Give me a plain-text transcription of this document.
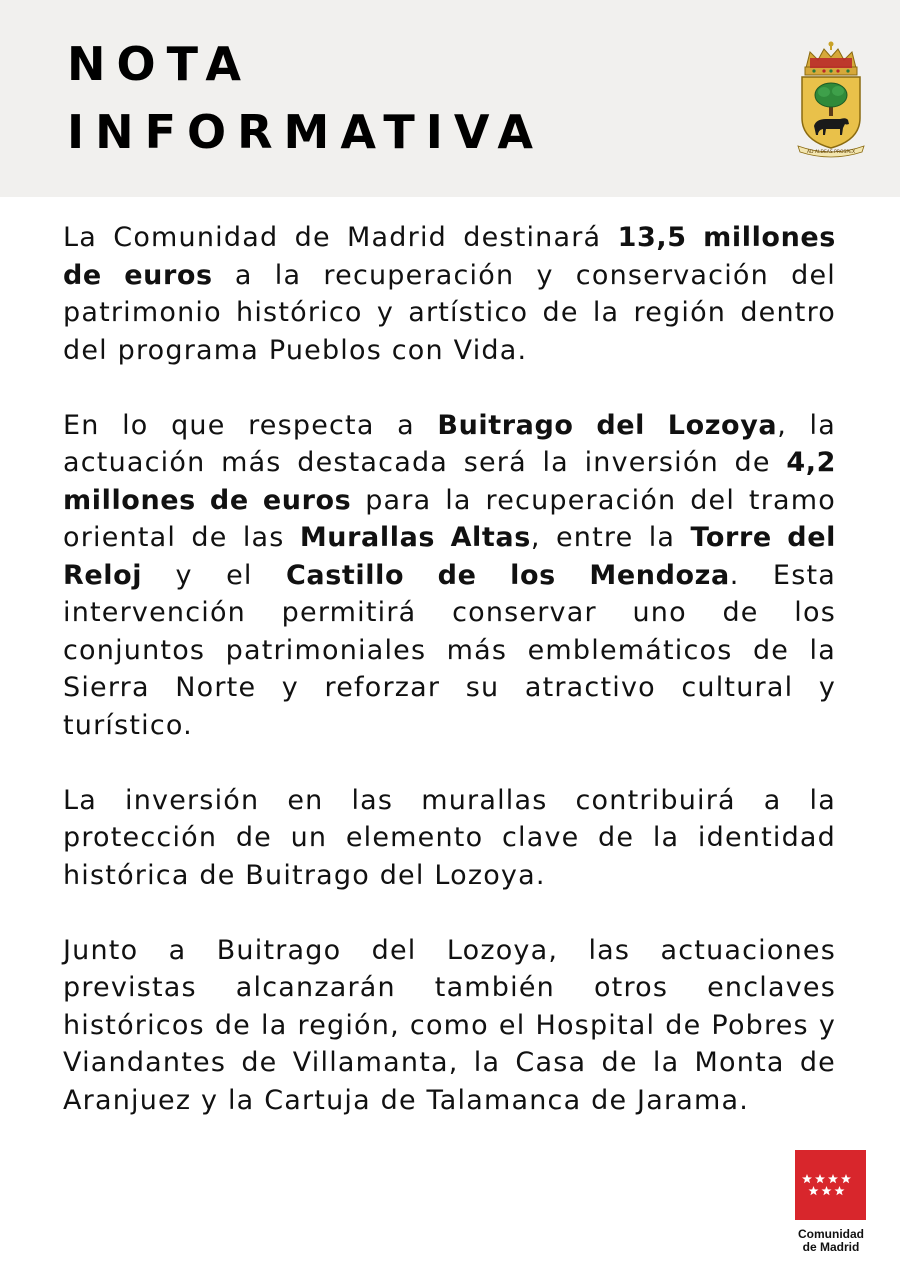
NOTA
INFORMATIVA	AD ALDEAS PROSPEX

La Comunidad de Madrid destinará 13,5 millones de euros a la recuperación y conservación del patrimonio histórico y artístico de la región dentro del programa Pueblos con Vida.

En lo que respecta a Buitrago del Lozoya, la actuación más destacada será la inversión de 4,2 millones de euros para la recuperación del tramo oriental de las Murallas Altas, entre la Torre del Reloj y el Castillo de los Mendoza. Esta intervención permitirá conservar uno de los conjuntos patrimoniales más emblemáticos de la Sierra Norte y reforzar su atractivo cultural y turístico.

La inversión en las murallas contribuirá a la protección de un elemento clave de la identidad histórica de Buitrago del Lozoya.

Junto a Buitrago del Lozoya, las actuaciones previstas alcanzarán también otros enclaves históricos de la región, como el Hospital de Pobres y Viandantes de Villamanta, la Casa de la Monta de Aranjuez y la Cartuja de Talamanca de Jarama.

Comunidad
de Madrid
